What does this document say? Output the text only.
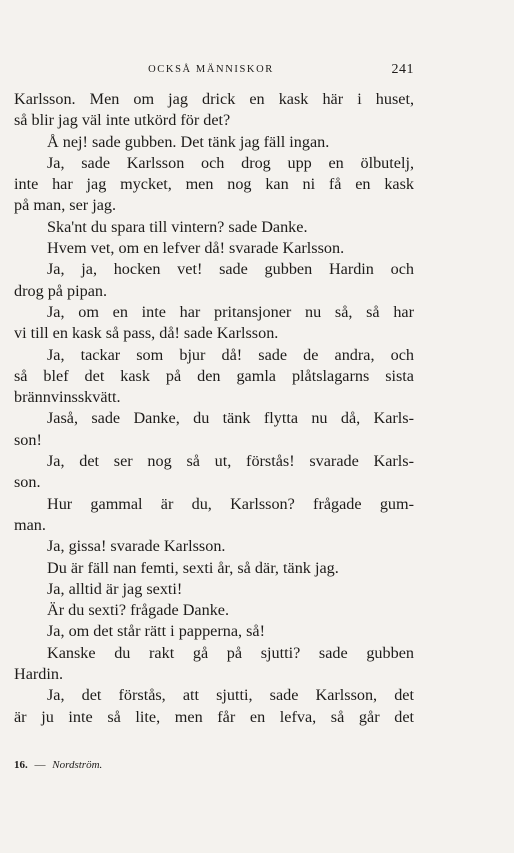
OCKSÅ MÄNNISKOR	241
Karlsson. Men om jag drick en kask här i huset,
så blir jag väl inte utkörd för det?
Å nej! sade gubben. Det tänk jag fäll ingan.
Ja, sade Karlsson och drog upp en ölbutelj,
inte har jag mycket, men nog kan ni få en kask
på man, ser jag.
Ska'nt du spara till vintern? sade Danke.
Hvem vet, om en lefver då! svarade Karlsson.
Ja, ja, hocken vet! sade gubben Hardin och
drog på pipan.
Ja, om en inte har pritansjoner nu så, så har
vi till en kask så pass, då! sade Karlsson.
Ja, tackar som bjur då! sade de andra, och
så blef det kask på den gamla plåtslagarns sista
brännvinsskvätt.
Jaså, sade Danke, du tänk flytta nu då, Karls-
son!
Ja, det ser nog så ut, förstås! svarade Karls-
son.
Hur gammal är du, Karlsson? frågade gum-
man.
Ja, gissa! svarade Karlsson.
Du är fäll nan femti, sexti år, så där, tänk jag.
Ja, alltid är jag sexti!
Är du sexti? frågade Danke.
Ja, om det står rätt i papperna, så!
Kanske du rakt gå på sjutti? sade gubben
Hardin.
Ja, det förstås, att sjutti, sade Karlsson, det
är ju inte så lite, men får en lefva, så går det
16. — Nordström.
